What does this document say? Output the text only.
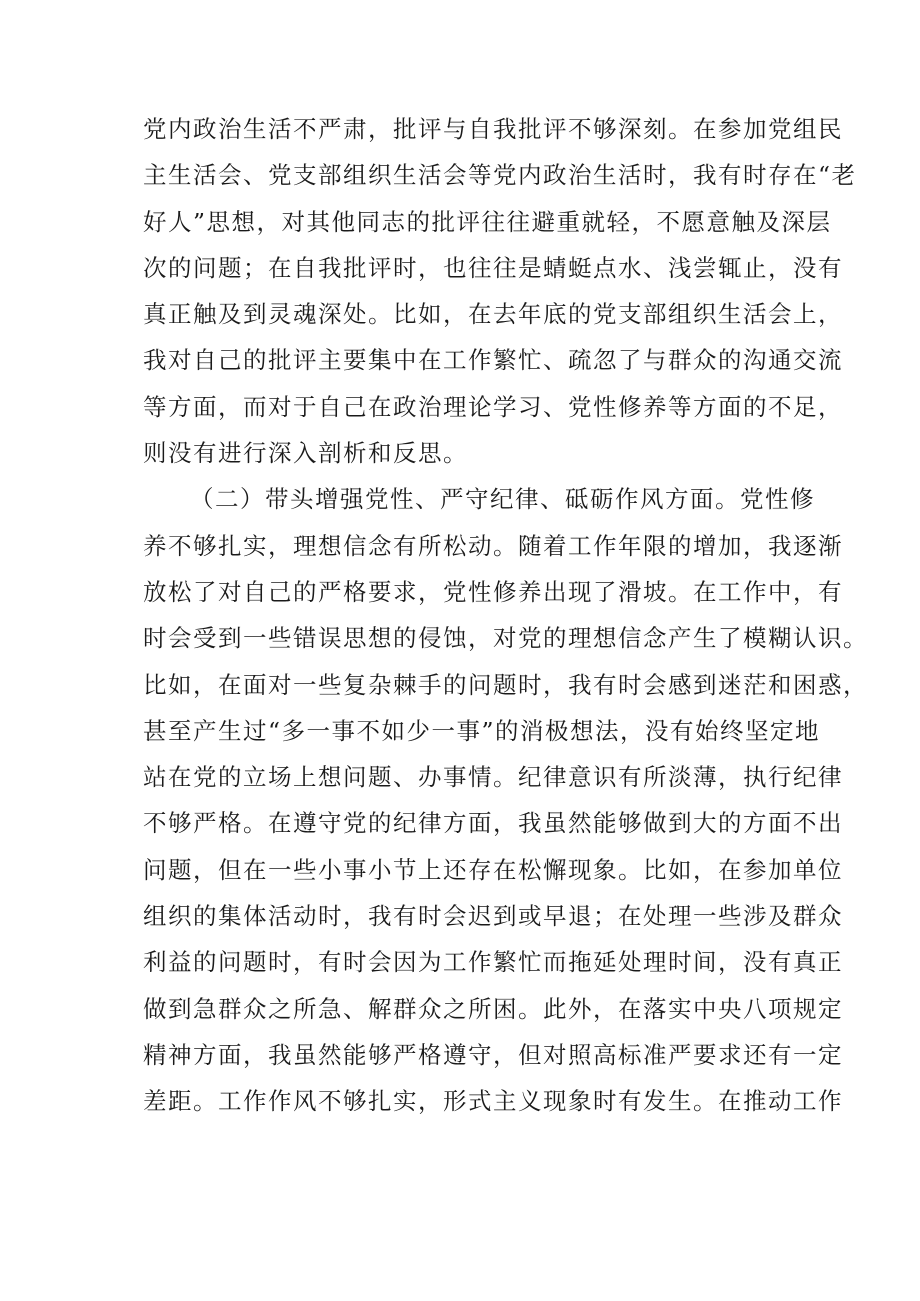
党内政治生活不严肃，批评与自我批评不够深刻。在参加党组民
主生活会、党支部组织生活会等党内政治生活时，我有时存在“老
好人”思想，对其他同志的批评往往避重就轻，不愿意触及深层
次的问题；在自我批评时，也往往是蜻蜓点水、浅尝辄止，没有
真正触及到灵魂深处。比如，在去年底的党支部组织生活会上，
我对自己的批评主要集中在工作繁忙、疏忽了与群众的沟通交流
等方面，而对于自己在政治理论学习、党性修养等方面的不足，
则没有进行深入剖析和反思。
（二）带头增强党性、严守纪律、砥砺作风方面。党性修
养不够扎实，理想信念有所松动。随着工作年限的增加，我逐渐
放松了对自己的严格要求，党性修养出现了滑坡。在工作中，有
时会受到一些错误思想的侵蚀，对党的理想信念产生了模糊认识。
比如，在面对一些复杂棘手的问题时，我有时会感到迷茫和困惑，
甚至产生过“多一事不如少一事”的消极想法，没有始终坚定地
站在党的立场上想问题、办事情。纪律意识有所淡薄，执行纪律
不够严格。在遵守党的纪律方面，我虽然能够做到大的方面不出
问题，但在一些小事小节上还存在松懈现象。比如，在参加单位
组织的集体活动时，我有时会迟到或早退；在处理一些涉及群众
利益的问题时，有时会因为工作繁忙而拖延处理时间，没有真正
做到急群众之所急、解群众之所困。此外，在落实中央八项规定
精神方面，我虽然能够严格遵守，但对照高标准严要求还有一定
差距。工作作风不够扎实，形式主义现象时有发生。在推动工作
